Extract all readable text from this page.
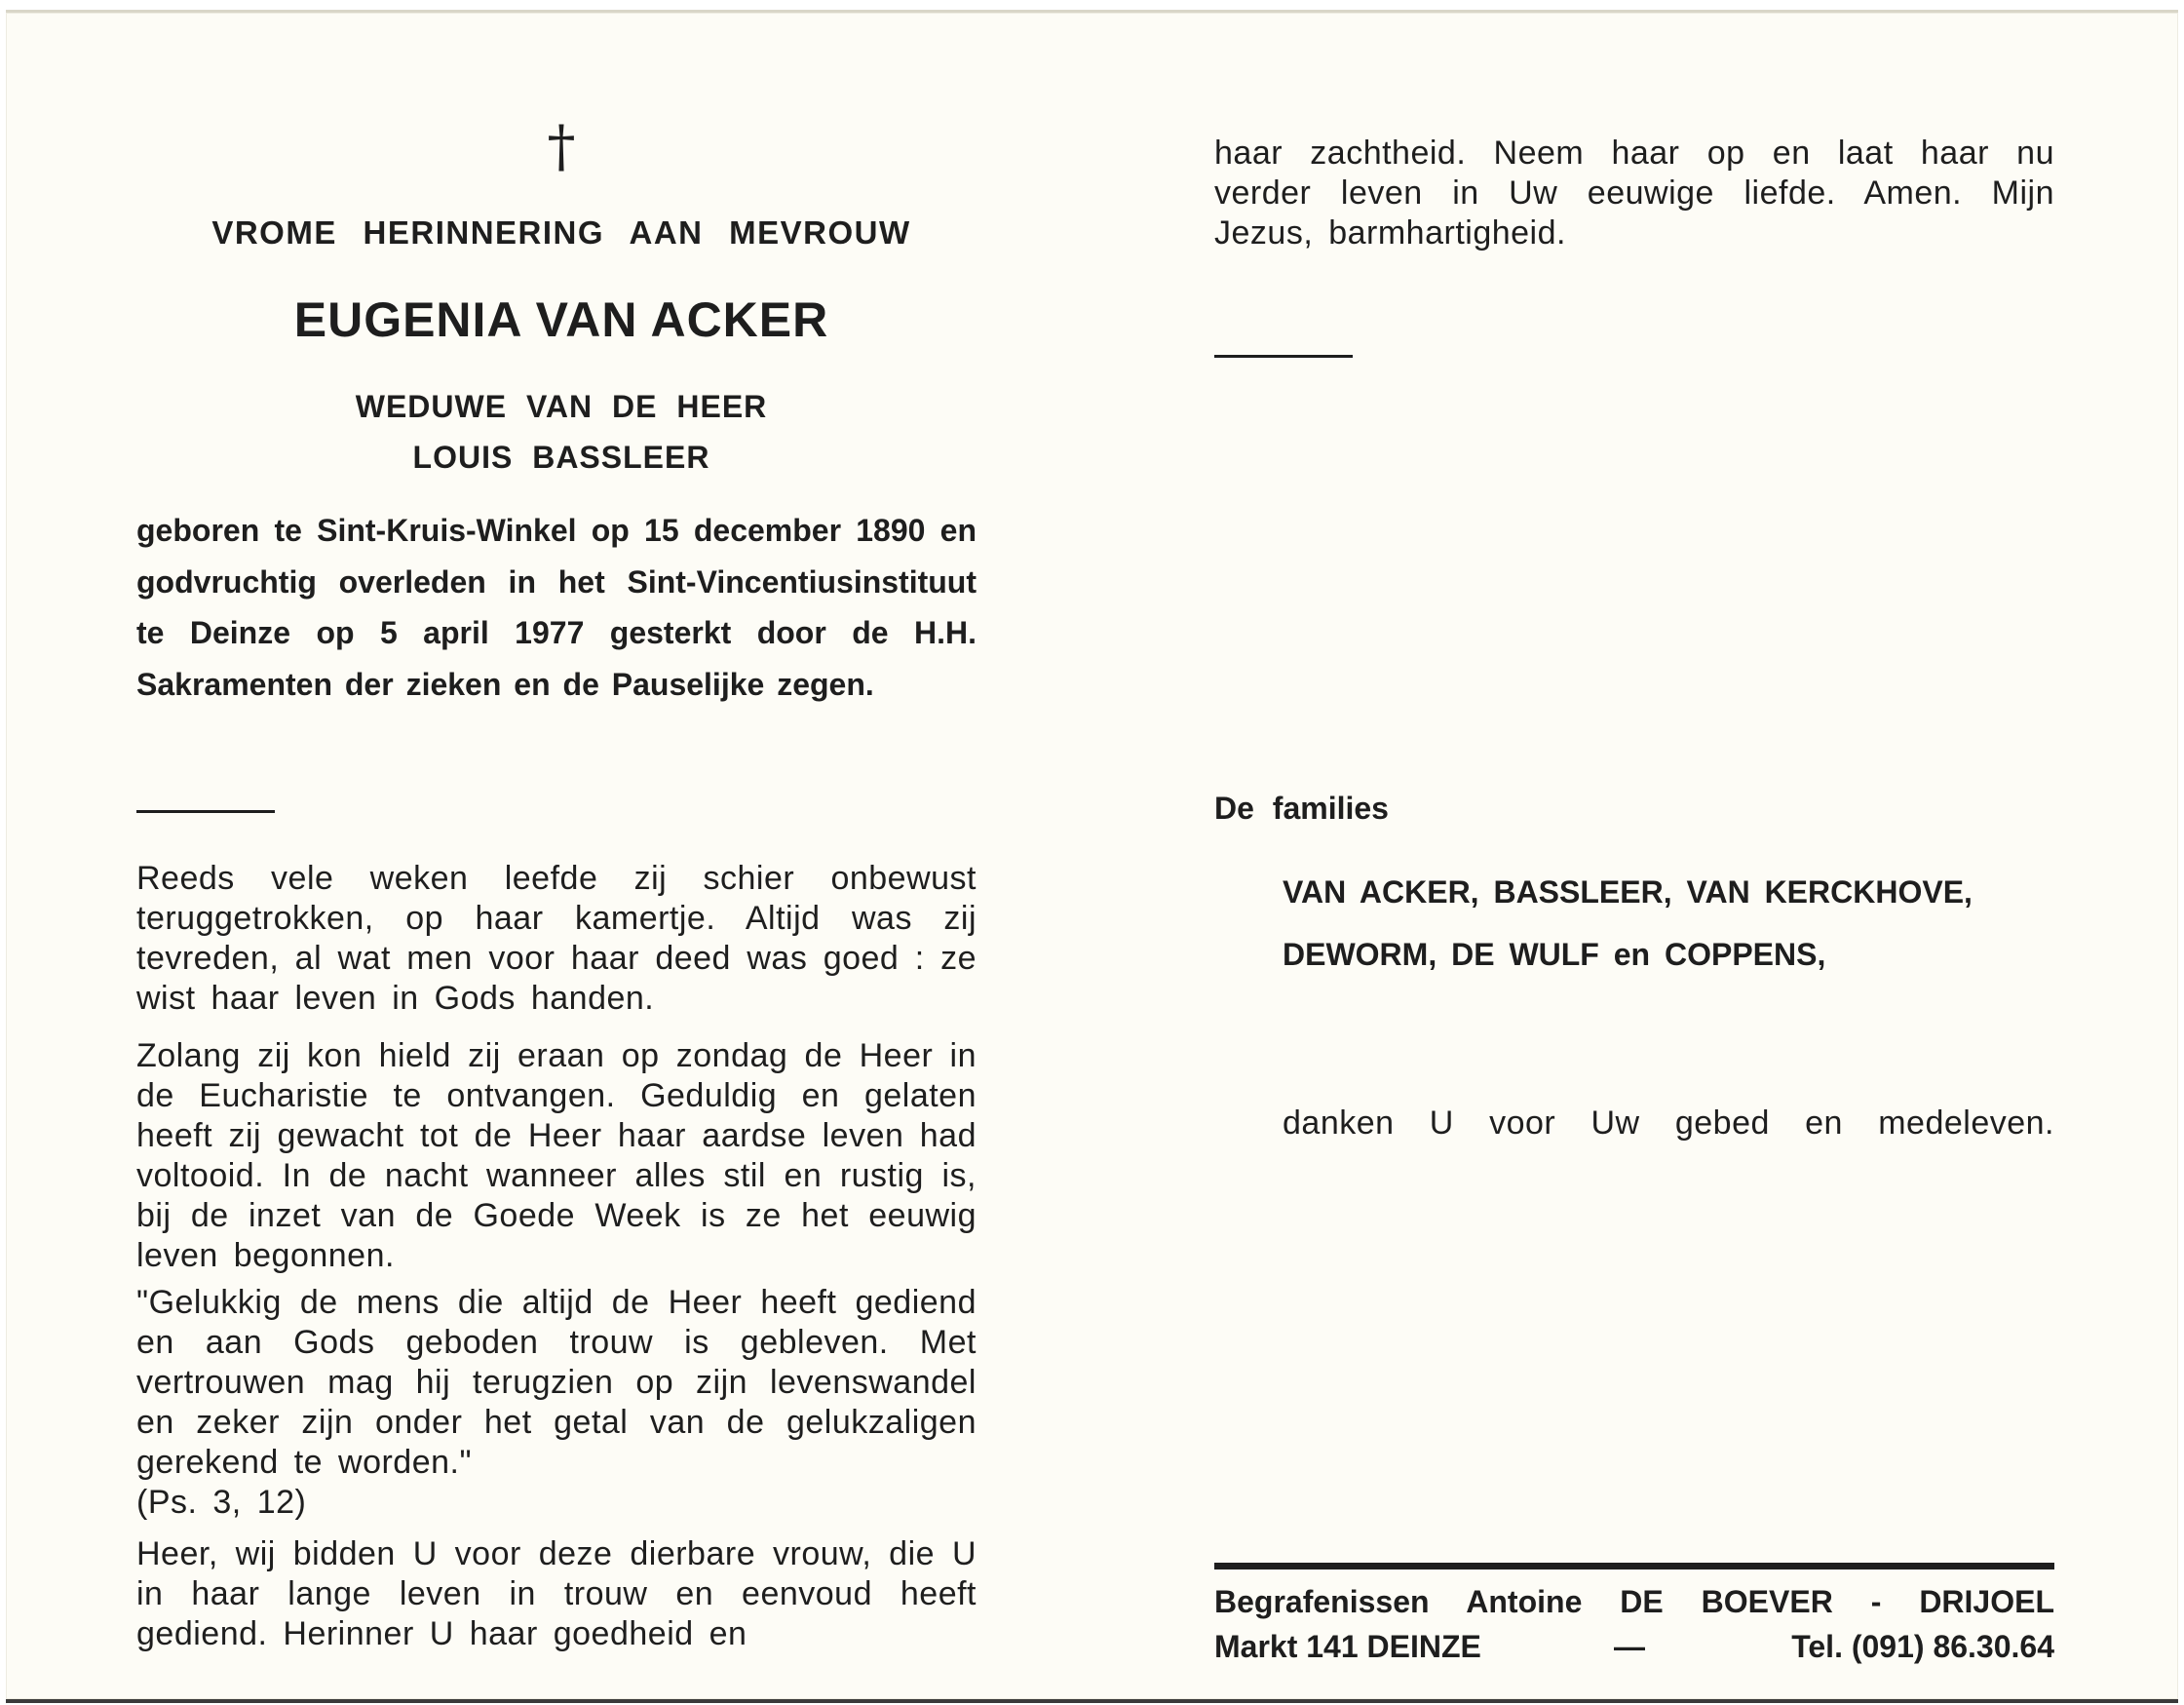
†
VROME HERINNERING AAN MEVROUW
EUGENIA VAN ACKER
WEDUWE VAN DE HEER
LOUIS BASSLEER

geboren te Sint-Kruis-Winkel op 15 december 1890 en godvruchtig overleden in het Sint-Vincentiusinstituut te Deinze op 5 april 1977 gesterkt door de H.H. Sakramenten der zieken en de Pauselijke zegen.

Reeds vele weken leefde zij schier onbewust teruggetrokken, op haar kamertje. Altijd was zij tevreden, al wat men voor haar deed was goed : ze wist haar leven in Gods handen.

Zolang zij kon hield zij eraan op zondag de Heer in de Eucharistie te ontvangen. Geduldig en gelaten heeft zij gewacht tot de Heer haar aardse leven had voltooid. In de nacht wanneer alles stil en rustig is, bij de inzet van de Goede Week is ze het eeuwig leven begonnen.

"Gelukkig de mens die altijd de Heer heeft gediend en aan Gods geboden trouw is gebleven. Met vertrouwen mag hij terugzien op zijn levenswandel en zeker zijn onder het getal van de gelukzaligen gerekend te worden."

(Ps. 3, 12)

Heer, wij bidden U voor deze dierbare vrouw, die U in haar lange leven in trouw en eenvoud heeft gediend. Herinner U haar goedheid en

haar zachtheid. Neem haar op en laat haar nu verder leven in Uw eeuwige liefde. Amen. Mijn Jezus, barmhartigheid.

De families

VAN ACKER, BASSLEER, VAN KERCKHOVE, DEWORM, DE WULF en COPPENS,

danken U voor Uw gebed en medeleven.

Begrafenissen Antoine DE BOEVER - DRIJOEL

Markt 141 DEINZE	—	Tel. (091) 86.30.64
